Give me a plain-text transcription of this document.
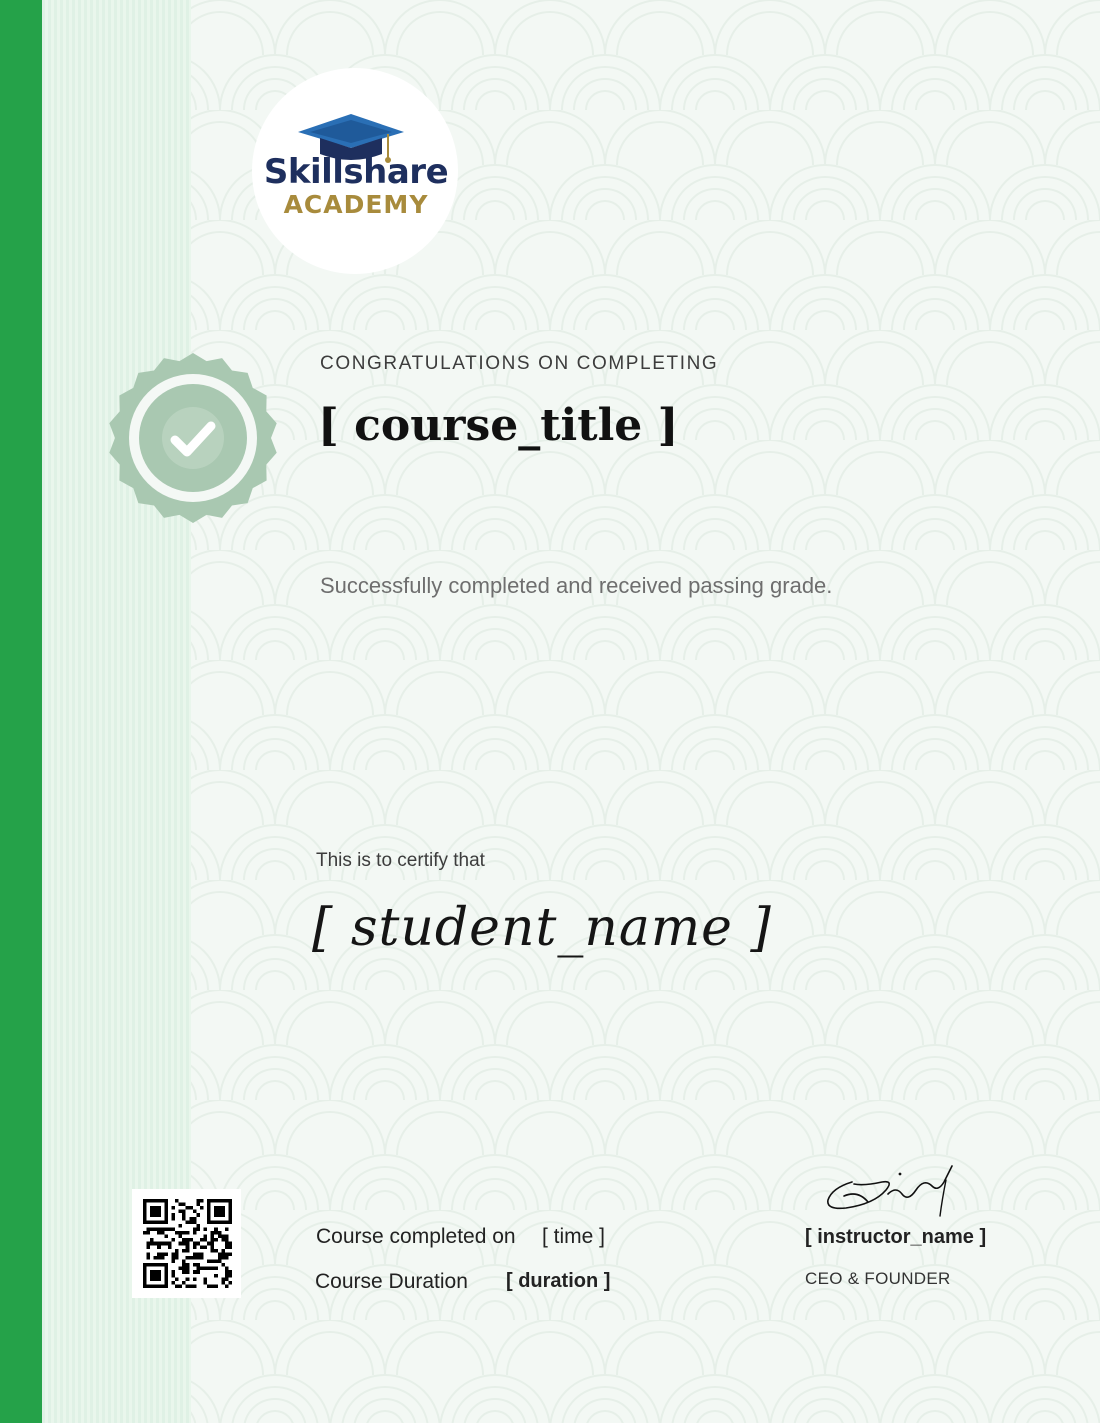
Skillshare
ACADEMY
CONGRATULATIONS ON COMPLETING
[ course_title ]
Successfully completed and received passing grade.
This is to certify that
[ student_name ]
Course completed on [ time ]
Course Duration [ duration ]
[ instructor_name ]
CEO & FOUNDER
